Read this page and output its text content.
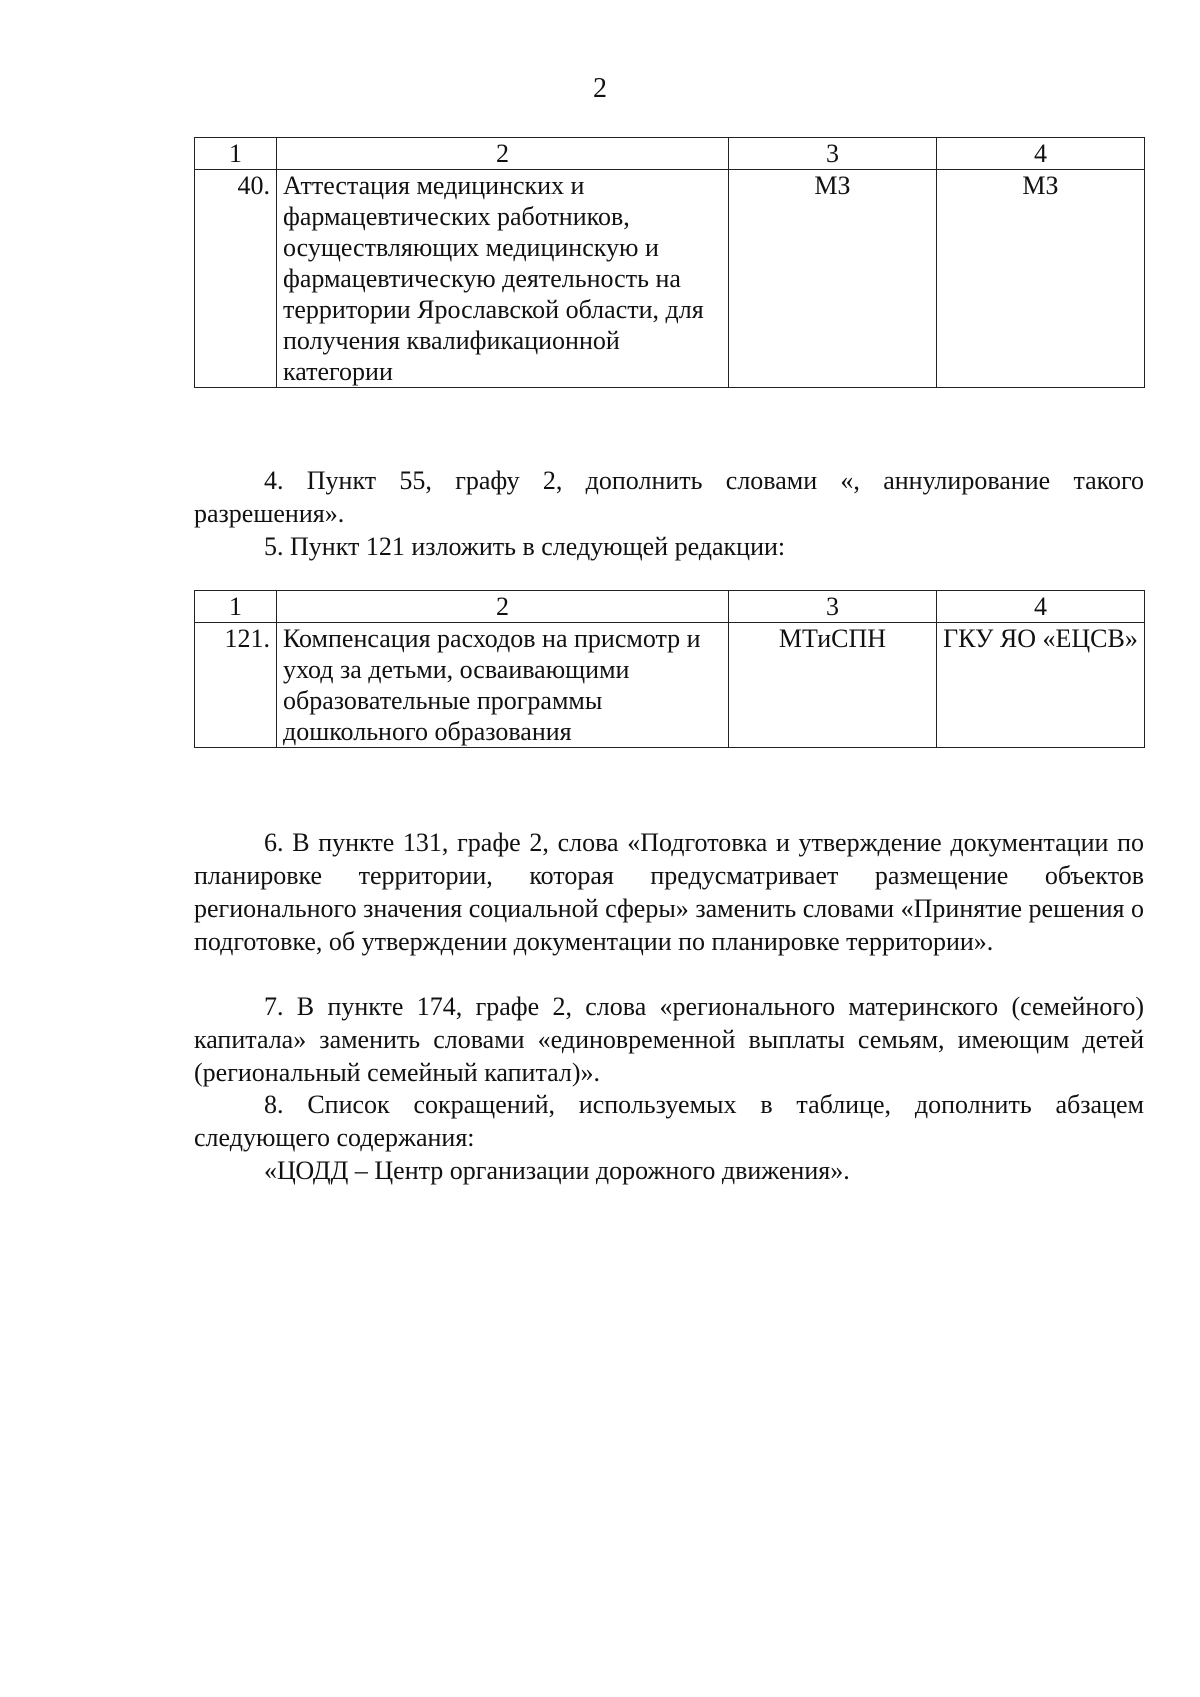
2
1	2	3	4
40.	Аттестация медицинских и фармацевтических работников, осуществляющих медицинскую и фармацевтическую деятельность на территории Ярославской области, для получения квалификационной категории	МЗ	МЗ

4. Пункт 55, графу 2, дополнить словами «, аннулирование такого разрешения».

5. Пункт 121 изложить в следующей редакции:

1	2	3	4
121.	Компенсация расходов на присмотр и уход за детьми, осваивающими образовательные программы дошкольного образования	МТиСПН	ГКУ ЯО «ЕЦСВ»

6. В пункте 131, графе 2, слова «Подготовка и утверждение документации по планировке территории, которая предусматривает размещение объектов регионального значения социальной сферы» заменить словами «Принятие решения о подготовке, об утверждении документации по планировке территории».

7. В пункте 174, графе 2, слова «регионального материнского (семейного) капитала» заменить словами «единовременной выплаты семьям, имеющим детей (региональный семейный капитал)».

8. Список сокращений, используемых в таблице, дополнить абзацем следующего содержания:

«ЦОДД – Центр организации дорожного движения».
